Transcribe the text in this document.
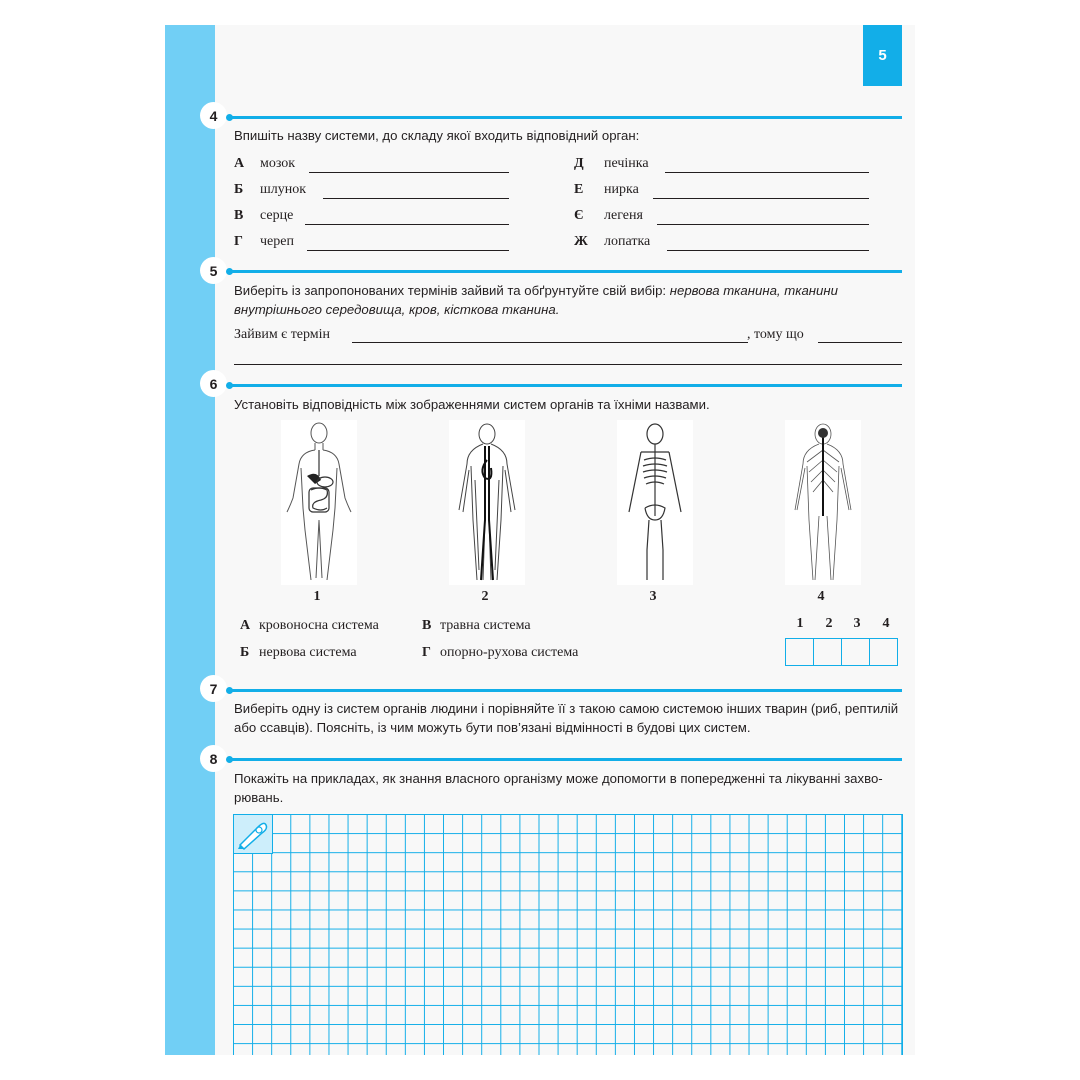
5
4
Впишіть назву системи, до складу якої входить відповідний орган:
А мозок
Б шлунок
В серце
Г череп
Д печінка
Е нирка
Є легеня
Ж лопатка
5
Виберіть із запропонованих термінів зайвий та обґрунтуйте свій вибір: нервова тканина, тканини
внутрішнього середовища, кров, кісткова тканина.
Зайвим є термін	, тому що
6
Установіть відповідність між зображеннями систем органів та їхніми назвами.
1	2	3	4
А кровоносна система
Б нервова система
В травна система
Г опорно-рухова система
1	2	3	4

7
Виберіть одну із систем органів людини і порівняйте її з такою самою системою інших тварин (риб, рептилій
або ссавців). Поясніть, із чим можуть бути пов’язані відмінності в будові цих систем.
8
Покажіть на прикладах, як знання власного організму може допомогти в попередженні та лікуванні захво-
рювань.
